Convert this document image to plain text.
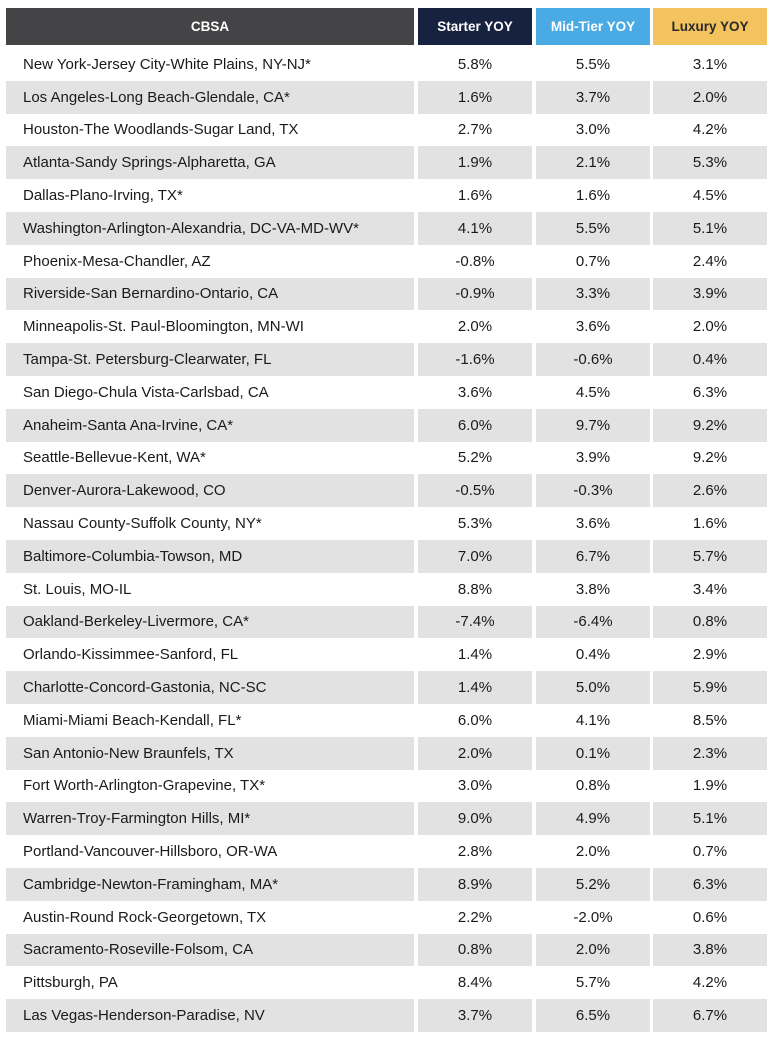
CBSA	Starter YOY	Mid-Tier YOY	Luxury YOY
New York-Jersey City-White Plains, NY-NJ*	5.8%	5.5%	3.1%
Los Angeles-Long Beach-Glendale, CA*	1.6%	3.7%	2.0%
Houston-The Woodlands-Sugar Land, TX	2.7%	3.0%	4.2%
Atlanta-Sandy Springs-Alpharetta, GA	1.9%	2.1%	5.3%
Dallas-Plano-Irving, TX*	1.6%	1.6%	4.5%
Washington-Arlington-Alexandria, DC-VA-MD-WV*	4.1%	5.5%	5.1%
Phoenix-Mesa-Chandler, AZ	-0.8%	0.7%	2.4%
Riverside-San Bernardino-Ontario, CA	-0.9%	3.3%	3.9%
Minneapolis-St. Paul-Bloomington, MN-WI	2.0%	3.6%	2.0%
Tampa-St. Petersburg-Clearwater, FL	-1.6%	-0.6%	0.4%
San Diego-Chula Vista-Carlsbad, CA	3.6%	4.5%	6.3%
Anaheim-Santa Ana-Irvine, CA*	6.0%	9.7%	9.2%
Seattle-Bellevue-Kent, WA*	5.2%	3.9%	9.2%
Denver-Aurora-Lakewood, CO	-0.5%	-0.3%	2.6%
Nassau County-Suffolk County, NY*	5.3%	3.6%	1.6%
Baltimore-Columbia-Towson, MD	7.0%	6.7%	5.7%
St. Louis, MO-IL	8.8%	3.8%	3.4%
Oakland-Berkeley-Livermore, CA*	-7.4%	-6.4%	0.8%
Orlando-Kissimmee-Sanford, FL	1.4%	0.4%	2.9%
Charlotte-Concord-Gastonia, NC-SC	1.4%	5.0%	5.9%
Miami-Miami Beach-Kendall, FL*	6.0%	4.1%	8.5%
San Antonio-New Braunfels, TX	2.0%	0.1%	2.3%
Fort Worth-Arlington-Grapevine, TX*	3.0%	0.8%	1.9%
Warren-Troy-Farmington Hills, MI*	9.0%	4.9%	5.1%
Portland-Vancouver-Hillsboro, OR-WA	2.8%	2.0%	0.7%
Cambridge-Newton-Framingham, MA*	8.9%	5.2%	6.3%
Austin-Round Rock-Georgetown, TX	2.2%	-2.0%	0.6%
Sacramento-Roseville-Folsom, CA	0.8%	2.0%	3.8%
Pittsburgh, PA	8.4%	5.7%	4.2%
Las Vegas-Henderson-Paradise, NV	3.7%	6.5%	6.7%
